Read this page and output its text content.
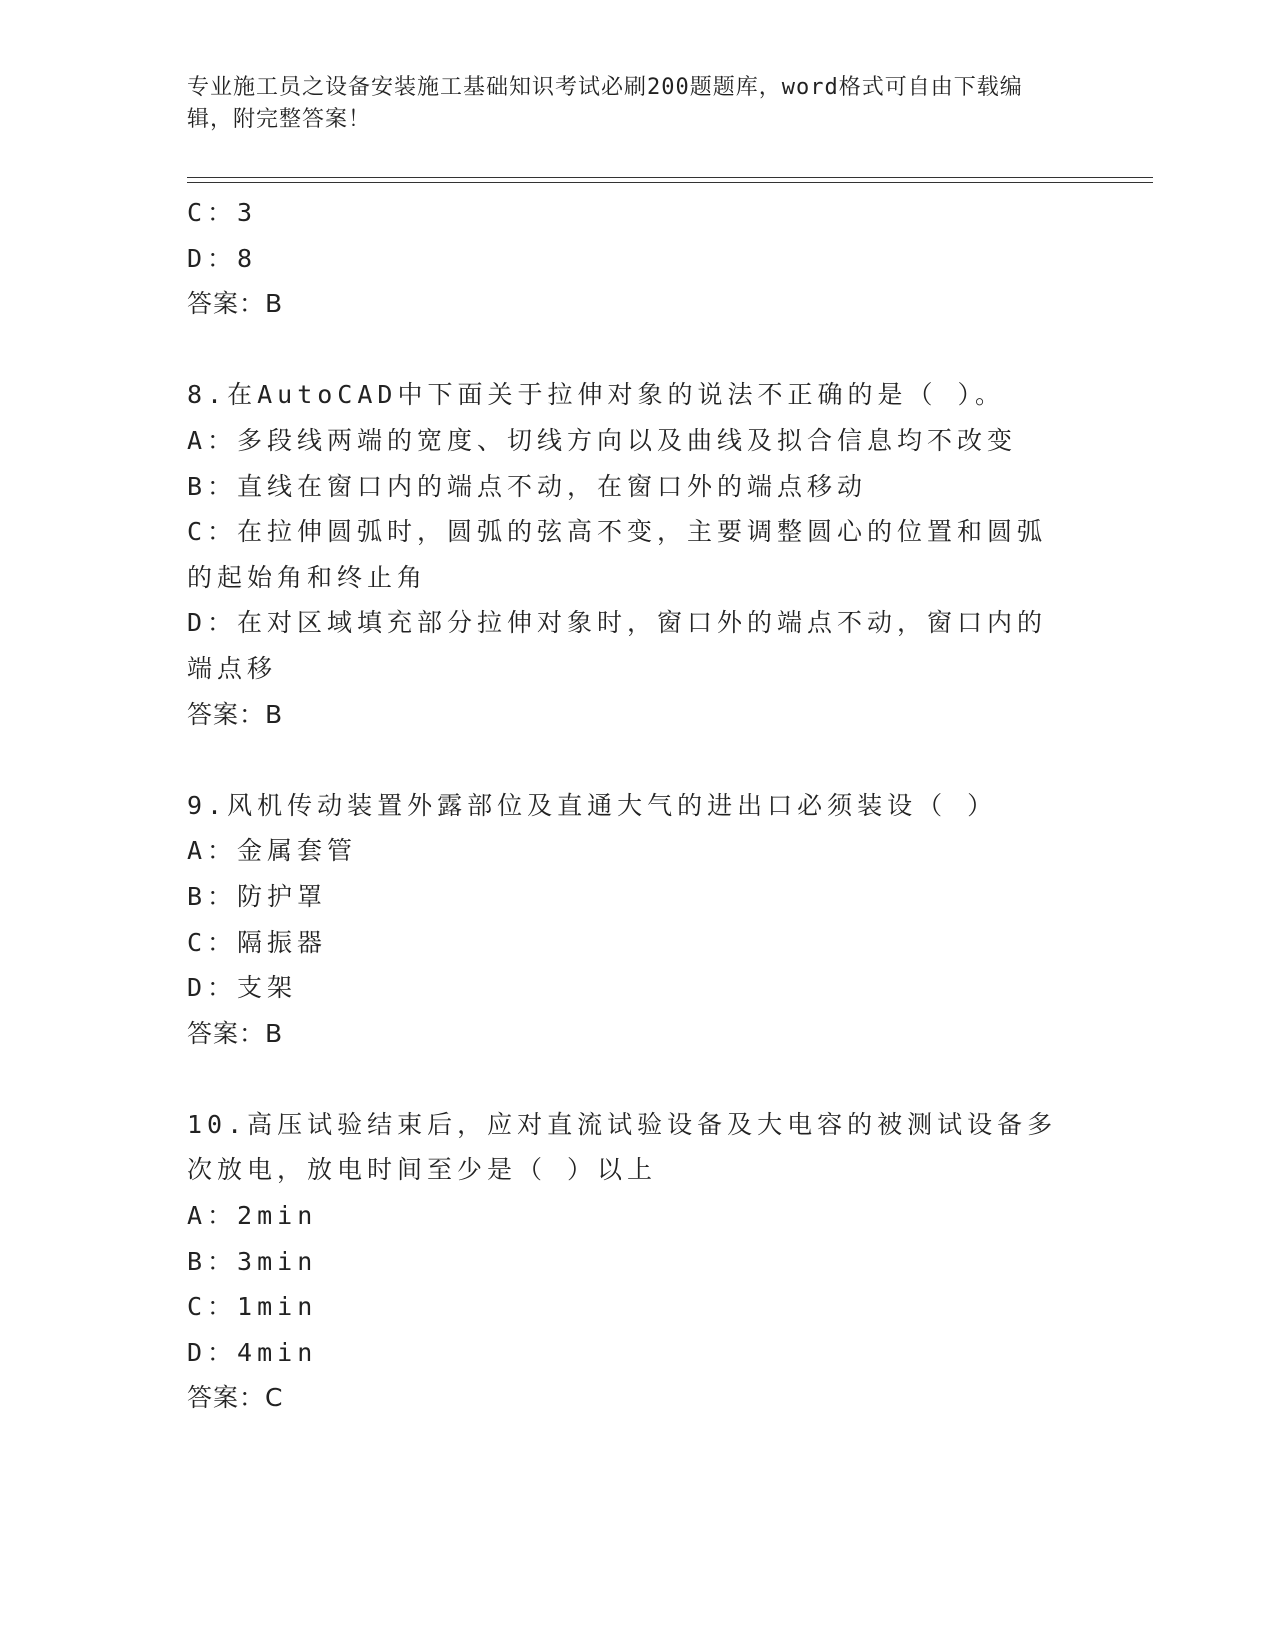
专业施工员之设备安装施工基础知识考试必刷200题题库，word格式可自由下载编辑，附完整答案！
C：3
D：8
答案：B
8.在AutoCAD中下面关于拉伸对象的说法不正确的是（ ）。
A：多段线两端的宽度、切线方向以及曲线及拟合信息均不改变
B：直线在窗口内的端点不动，在窗口外的端点移动
C：在拉伸圆弧时，圆弧的弦高不变，主要调整圆心的位置和圆弧的起始角和终止角
D：在对区域填充部分拉伸对象时，窗口外的端点不动，窗口内的端点移
答案：B
9.风机传动装置外露部位及直通大气的进出口必须装设（ ）
A：金属套管
B：防护罩
C：隔振器
D：支架
答案：B
10.高压试验结束后，应对直流试验设备及大电容的被测试设备多次放电，放电时间至少是（ ）以上
A：2min
B：3min
C：1min
D：4min
答案：C
